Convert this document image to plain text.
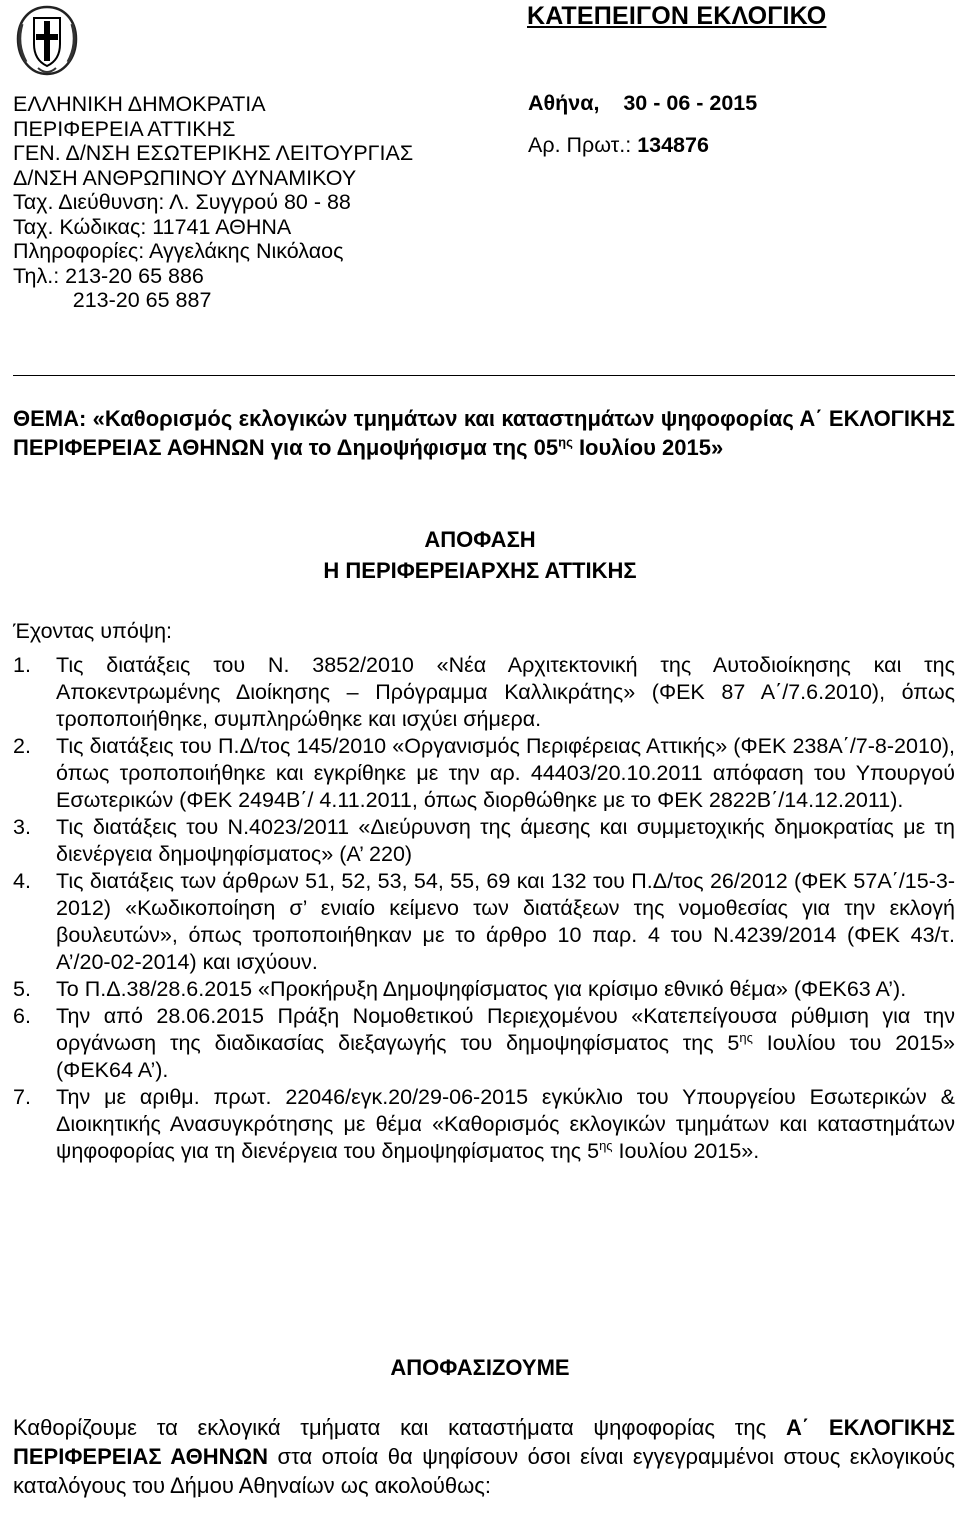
ΕΛΛΗΝΙΚΗ ΔΗΜΟΚΡΑΤΙΑ
ΠΕΡΙΦΕΡΕΙΑ ΑΤΤΙΚΗΣ
ΓΕΝ. Δ/ΝΣΗ ΕΣΩΤΕΡΙΚΗΣ ΛΕΙΤΟΥΡΓΙΑΣ
Δ/ΝΣΗ ΑΝΘΡΩΠΙΝΟΥ ΔΥΝΑΜΙΚΟΥ
Ταχ. Διεύθυνση: Λ. Συγγρού 80 - 88
Ταχ. Κώδικας: 11741 ΑΘΗΝΑ
Πληροφορίες: Αγγελάκης Νικόλαος
Τηλ.: 213-20 65 886
213-20 65 887
ΚΑΤΕΠΕΙΓΟΝ ΕΚΛΟΓΙΚΟ
Αθήνα, 30 - 06 - 2015
Αρ. Πρωτ.: 134876
ΘΕΜΑ: «Καθορισμός εκλογικών τμημάτων και καταστημάτων ψηφοφορίας Α΄ ΕΚΛΟΓΙΚΗΣ ΠΕΡΙΦΕΡΕΙΑΣ ΑΘΗΝΩΝ για το Δημοψήφισμα της $05^{\eta\varsigma}$ Ιουλίου 2015»
ΑΠΟΦΑΣΗ
Η ΠΕΡΙΦΕΡΕΙΑΡΧΗΣ ΑΤΤΙΚΗΣ
Έχοντας υπόψη:
1.	Τις διατάξεις του Ν. 3852/2010 «Νέα Αρχιτεκτονική της Αυτοδιοίκησης και της Αποκεντρωμένης Διοίκησης – Πρόγραμμα Καλλικράτης» (ΦΕΚ 87 Α΄/7.6.2010), όπως τροποποιήθηκε, συμπληρώθηκε και ισχύει σήμερα.
2.	Τις διατάξεις του Π.Δ/τος 145/2010 «Οργανισμός Περιφέρειας Αττικής» (ΦΕΚ 238Α΄/7-8-2010), όπως τροποποιήθηκε και εγκρίθηκε με την αρ. 44403/20.10.2011 απόφαση του Υπουργού Εσωτερικών (ΦΕΚ 2494Β΄/ 4.11.2011, όπως διορθώθηκε με το ΦΕΚ 2822Β΄/14.12.2011).
3.	Τις διατάξεις του Ν.4023/2011 «Διεύρυνση της άμεσης και συμμετοχικής δημοκρατίας με τη διενέργεια δημοψηφίσματος» (Α’ 220)
4.	Τις διατάξεις των άρθρων 51, 52, 53, 54, 55, 69 και 132 του Π.Δ/τος 26/2012 (ΦΕΚ 57Α΄/15-3-2012) «Κωδικοποίηση σ’ ενιαίο κείμενο των διατάξεων της νομοθεσίας για την εκλογή βουλευτών», όπως τροποποιήθηκαν με το άρθρο 10 παρ. 4 του Ν.4239/2014 (ΦΕΚ 43/τ. Α’/20-02-2014) και ισχύουν.
5.	Το Π.Δ.38/28.6.2015 «Προκήρυξη Δημοψηφίσματος για κρίσιμο εθνικό θέμα» (ΦΕΚ63 Α’).
6.	Την από 28.06.2015 Πράξη Νομοθετικού Περιεχομένου «Κατεπείγουσα ρύθμιση για την οργάνωση της διαδικασίας διεξαγωγής του δημοψηφίσματος της $5^{\eta\varsigma}$ Ιουλίου του 2015» (ΦΕΚ64 Α’).
7.	Την με αριθμ. πρωτ. 22046/εγκ.20/29-06-2015 εγκύκλιο του Υπουργείου Εσωτερικών & Διοικητικής Ανασυγκρότησης με θέμα «Καθορισμός εκλογικών τμημάτων και καταστημάτων ψηφοφορίας για τη διενέργεια του δημοψηφίσματος της $5^{\eta\varsigma}$ Ιουλίου 2015».
ΑΠΟΦΑΣΙΖΟΥΜΕ
Καθορίζουμε τα εκλογικά τμήματα και καταστήματα ψηφοφορίας της Α΄ ΕΚΛΟΓΙΚΗΣ ΠΕΡΙΦΕΡΕΙΑΣ ΑΘΗΝΩΝ στα οποία θα ψηφίσουν όσοι είναι εγγεγραμμένοι στους εκλογικούς καταλόγους του Δήμου Αθηναίων ως ακολούθως:
